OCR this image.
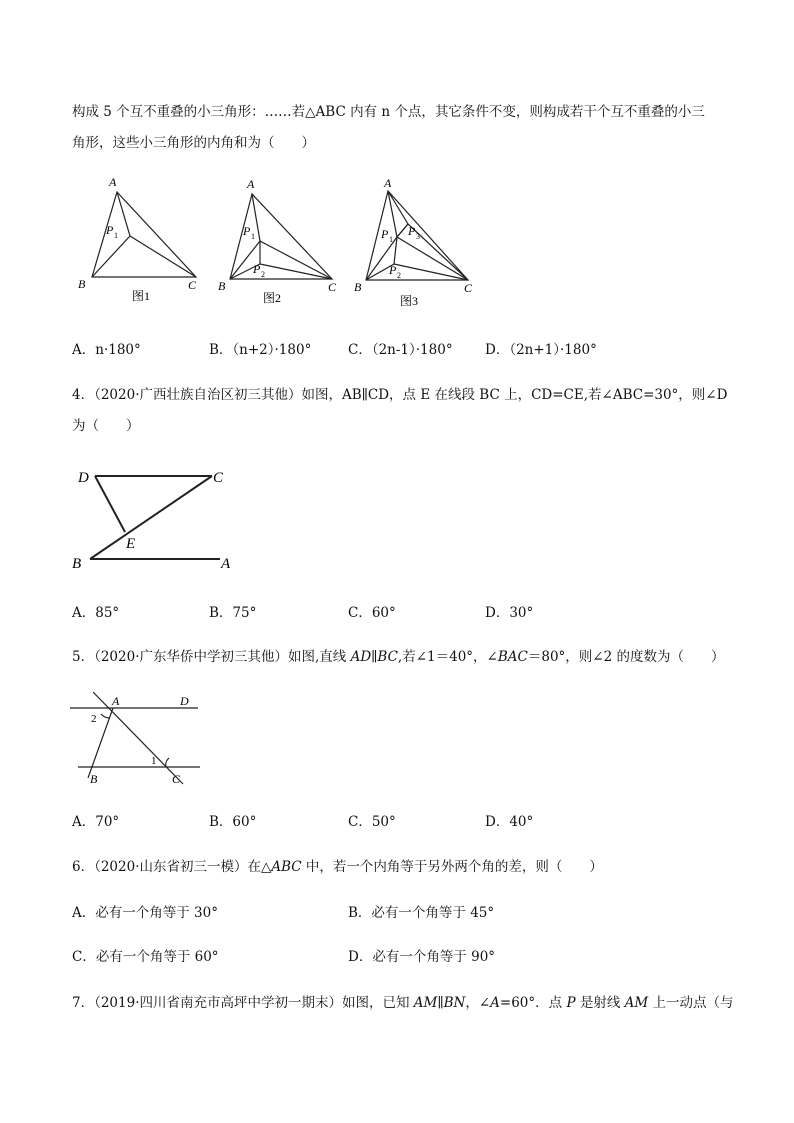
构成 5 个互不重叠的小三角形：……若△ABC 内有 n 个点，其它条件不变，则构成若干个互不重叠的小三
角形，这些小三角形的内角和为（　　）
A
B	C
P 1
图1
A
B	C
P 1
P 2
图2
A
B	C
P 1
P 3
P 2
图3
A．n·180°	B．（n+2）·180°	C．（2n-1）·180° D．（2n+1）·180°
4．（2020·广西壮族自治区初三其他）如图，AB∥CD，点 E 在线段 BC 上，CD=CE,若∠ABC=30°，则∠D
为（　　）
D	C
E
B	A
A．85°	B．75°	C．60°	D．30°
5．（2020·广东华侨中学初三其他）如图,直线 AD∥BC,若∠1＝40°，∠BAC＝80°，则∠2 的度数为（　　）
A	D
B	C
2
1
A．70°	B．60°	C．50°	D．40°
6．（2020·山东省初三一模）在△ABC 中，若一个内角等于另外两个角的差，则（　　）
A．必有一个角等于 30°	B．必有一个角等于 45°
C．必有一个角等于 60°	D．必有一个角等于 90°
7．（2019·四川省南充市高坪中学初一期末）如图，已知 AM∥BN，∠A=60°．点 P 是射线 AM 上一动点（与
